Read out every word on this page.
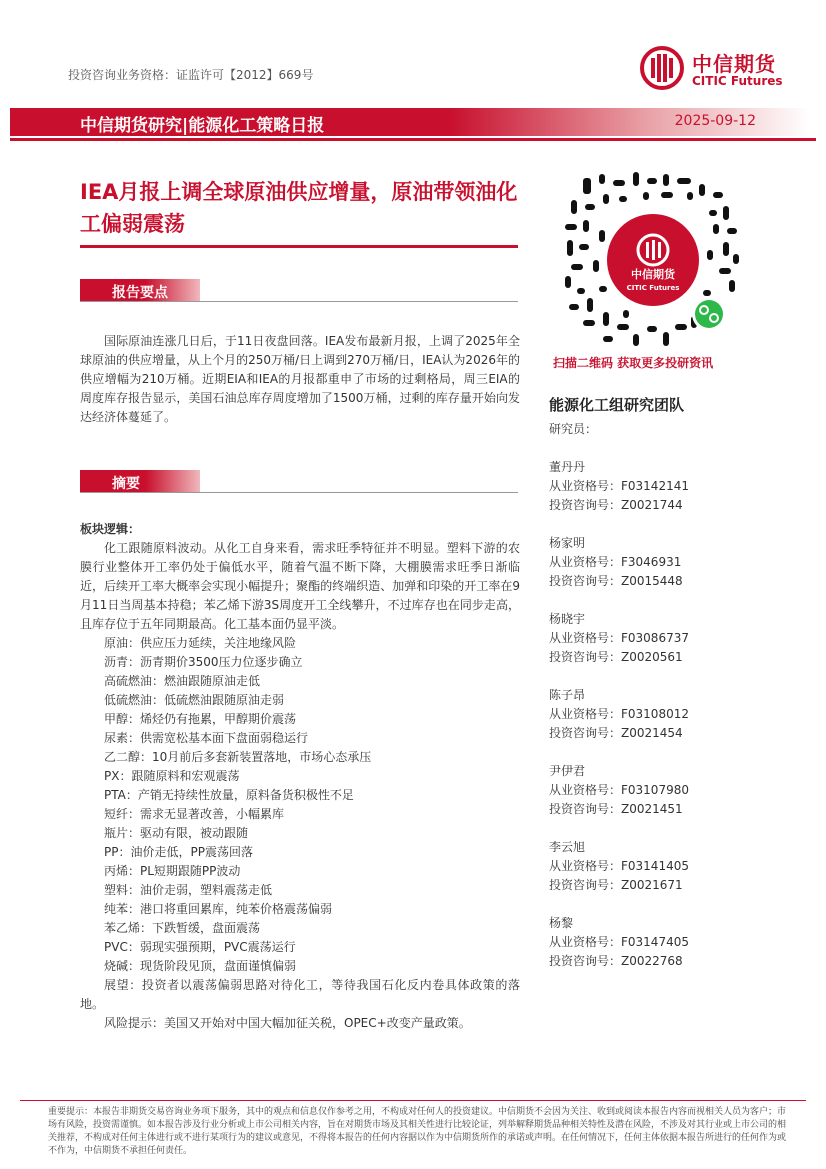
投资咨询业务资格：证监许可【2012】669号	中信期货
CITIC Futures
中信期货研究|能源化工策略日报	2025-09-12
IEA月报上调全球原油供应增量，原油带领油化工偏弱震荡
报告要点

国际原油连涨几日后，于11日夜盘回落。IEA发布最新月报，上调了2025年全球原油的供应增量，从上个月的250万桶/日上调到270万桶/日，IEA认为2026年的供应增幅为210万桶。近期EIA和IEA的月报都重申了市场的过剩格局，周三EIA的周度库存报告显示，美国石油总库存周度增加了1500万桶，过剩的库存量开始向发达经济体蔓延了。

摘要
板块逻辑：

化工跟随原料波动。从化工自身来看，需求旺季特征并不明显。塑料下游的农膜行业整体开工率仍处于偏低水平，随着气温不断下降，大棚膜需求旺季日渐临近，后续开工率大概率会实现小幅提升；聚酯的终端织造、加弹和印染的开工率在9月11日当周基本持稳；苯乙烯下游3S周度开工全线攀升，不过库存也在同步走高，且库存位于五年同期最高。化工基本面仍显平淡。

原油：供应压力延续，关注地缘风险
沥青：沥青期价3500压力位逐步确立
高硫燃油：燃油跟随原油走低
低硫燃油：低硫燃油跟随原油走弱
甲醇：烯烃仍有拖累，甲醇期价震荡
尿素：供需宽松基本面下盘面弱稳运行
乙二醇：10月前后多套新装置落地，市场心态承压
PX：跟随原料和宏观震荡
PTA：产销无持续性放量，原料备货积极性不足
短纤：需求无显著改善，小幅累库
瓶片：驱动有限，被动跟随
PP：油价走低，PP震荡回落
丙烯：PL短期跟随PP波动
塑料：油价走弱，塑料震荡走低
纯苯：港口将重回累库，纯苯价格震荡偏弱
苯乙烯：下跌暂缓，盘面震荡
PVC：弱现实强预期，PVC震荡运行
烧碱：现货阶段见顶，盘面谨慎偏弱

展望：投资者以震荡偏弱思路对待化工，等待我国石化反内卷具体政策的落地。

风险提示：美国又开始对中国大幅加征关税，OPEC+改变产量政策。
中信期货
CITIC Futures
扫描二维码 获取更多投研资讯
能源化工组研究团队
研究员：
董丹丹
从业资格号：F03142141
投资咨询号：Z0021744
杨家明
从业资格号：F3046931
投资咨询号：Z0015448
杨晓宇
从业资格号：F03086737
投资咨询号：Z0020561
陈子昂
从业资格号：F03108012
投资咨询号：Z0021454
尹伊君
从业资格号：F03107980
投资咨询号：Z0021451
李云旭
从业资格号：F03141405
投资咨询号：Z0021671
杨黎
从业资格号：F03147405
投资咨询号：Z0022768
重要提示：本报告非期货交易咨询业务项下服务，其中的观点和信息仅作参考之用，不构成对任何人的投资建议。中信期货不会因为关注、收到或阅读本报告内容而视相关人员为客户；市场有风险，投资需谨慎。如本报告涉及行业分析或上市公司相关内容，旨在对期货市场及其相关性进行比较论证，列举解释期货品种相关特性及潜在风险，不涉及对其行业或上市公司的相关推荐，不构成对任何主体进行或不进行某项行为的建议或意见，不得将本报告的任何内容据以作为中信期货所作的承诺或声明。在任何情况下，任何主体依据本报告所进行的任何作为或不作为，中信期货不承担任何责任。
